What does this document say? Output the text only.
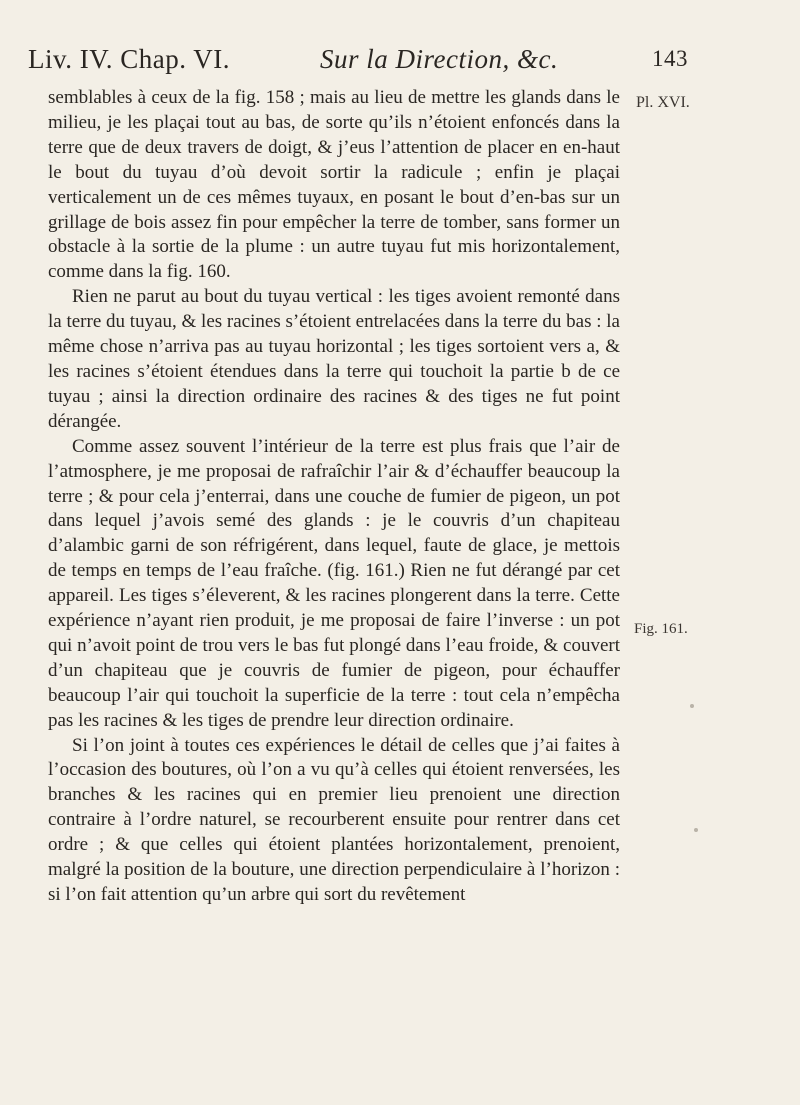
Liv. IV. Chap. VI.	Sur la Direction, &c.	143
Pl. XVI.
Fig. 161.

semblables à ceux de la fig. 158 ; mais au lieu de mettre les glands dans le milieu, je les plaçai tout au bas, de sorte qu’ils n’étoient enfoncés dans la terre que de deux travers de doigt, & j’eus l’attention de placer en en-haut le bout du tuyau d’où devoit sortir la radicule ; enfin je plaçai verticalement un de ces mêmes tuyaux, en posant le bout d’en-bas sur un grillage de bois assez fin pour empêcher la terre de tomber, sans former un obstacle à la sortie de la plume : un autre tuyau fut mis horizontalement, comme dans la fig. 160.

Rien ne parut au bout du tuyau vertical : les tiges avoient remonté dans la terre du tuyau, & les racines s’étoient entrelacées dans la terre du bas : la même chose n’arriva pas au tuyau horizontal ; les tiges sortoient vers a, & les racines s’étoient étendues dans la terre qui touchoit la partie b de ce tuyau ; ainsi la direction ordinaire des racines & des tiges ne fut point dérangée.

Comme assez souvent l’intérieur de la terre est plus frais que l’air de l’atmosphere, je me proposai de rafraîchir l’air & d’échauffer beaucoup la terre ; & pour cela j’enterrai, dans une couche de fumier de pigeon, un pot dans lequel j’avois semé des glands : je le couvris d’un chapiteau d’alambic garni de son réfrigérent, dans lequel, faute de glace, je mettois de temps en temps de l’eau fraîche. (fig. 161.) Rien ne fut dérangé par cet appareil. Les tiges s’éleverent, & les racines plongerent dans la terre. Cette expérience n’ayant rien produit, je me proposai de faire l’inverse : un pot qui n’avoit point de trou vers le bas fut plongé dans l’eau froide, & couvert d’un chapiteau que je couvris de fumier de pigeon, pour échauffer beaucoup l’air qui touchoit la superficie de la terre : tout cela n’empêcha pas les racines & les tiges de prendre leur direction ordinaire.

Si l’on joint à toutes ces expériences le détail de celles que j’ai faites à l’occasion des boutures, où l’on a vu qu’à celles qui étoient renversées, les branches & les racines qui en premier lieu prenoient une direction contraire à l’ordre naturel, se recourberent ensuite pour rentrer dans cet ordre ; & que celles qui étoient plantées horizontalement, prenoient, malgré la position de la bouture, une direction perpendiculaire à l’horizon : si l’on fait attention qu’un arbre qui sort du revêtement
